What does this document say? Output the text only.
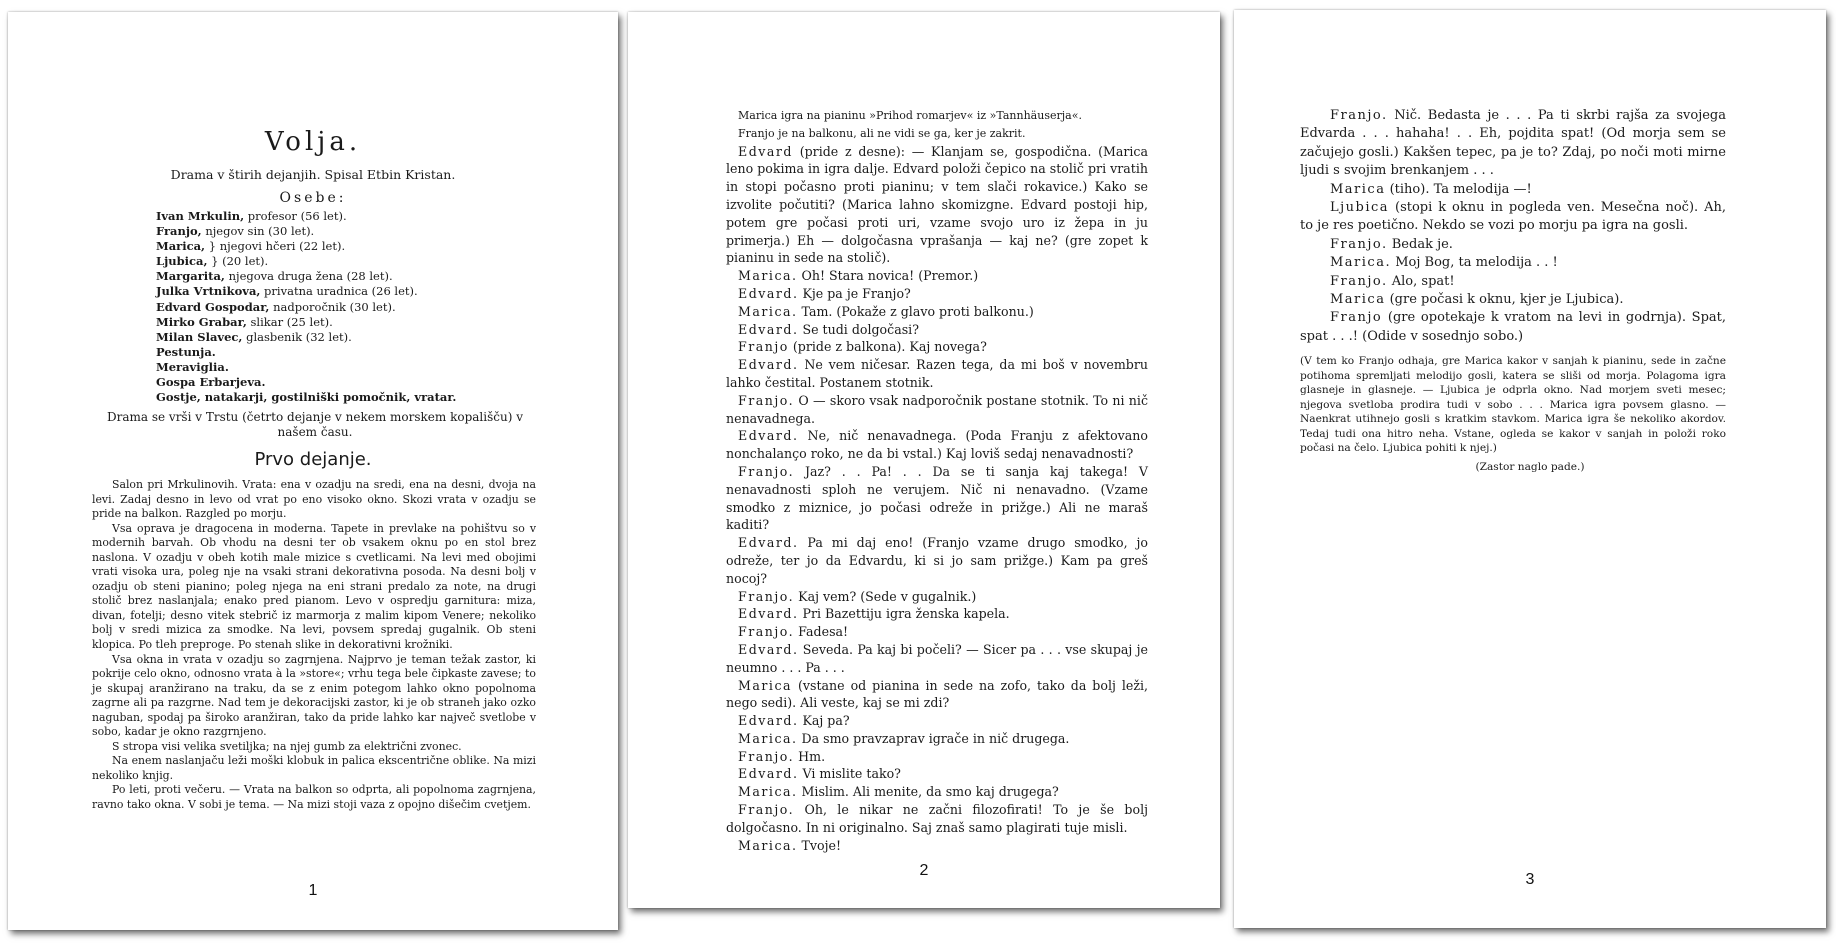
Volja.
Drama v štirih dejanjih. Spisal Etbin Kristan.
Osebe:
Ivan Mrkulin, profesor (56 let).
Franjo, njegov sin (30 let).
Marica, } njegovi hčeri (22 let).
Ljubica, } (20 let).
Margarita, njegova druga žena (28 let).
Julka Vrtnikova, privatna uradnica (26 let).
Edvard Gospodar, nadporočnik (30 let).
Mirko Grabar, slikar (25 let).
Milan Slavec, glasbenik (32 let).
Pestunja.
Meraviglia.
Gospa Erbarjeva.
Gostje, natakarji, gostilniški pomočnik, vratar.
Drama se vrši v Trstu (četrto dejanje v nekem morskem kopališču) v našem času.
Prvo dejanje.

Salon pri Mrkulinovih. Vrata: ena v ozadju na sredi, ena na desni, dvoja na levi. Zadaj desno in levo od vrat po eno visoko okno. Skozi vrata v ozadju se pride na balkon. Razgled po morju.

Vsa oprava je dragocena in moderna. Tapete in prevlake na pohištvu so v modernih barvah. Ob vhodu na desni ter ob vsakem oknu po en stol brez naslona. V ozadju v obeh kotih male mizice s cvetlicami. Na levi med obojimi vrati visoka ura, poleg nje na vsaki strani dekorativna posoda. Na desni bolj v ozadju ob steni pianino; poleg njega na eni strani predalo za note, na drugi stolič brez naslanjala; enako pred pianom. Levo v ospredju garnitura: miza, divan, fotelji; desno vitek stebrič iz marmorja z malim kipom Venere; nekoliko bolj v sredi mizica za smodke. Na levi, povsem spredaj gugalnik. Ob steni klopica. Po tleh preproge. Po stenah slike in dekorativni krožniki.

Vsa okna in vrata v ozadju so zagrnjena. Najprvo je teman težak zastor, ki pokrije celo okno, odnosno vrata à la »store«; vrhu tega bele čipkaste zavese; to je skupaj aranžirano na traku, da se z enim potegom lahko okno popolnoma zagrne ali pa razgrne. Nad tem je dekoracijski zastor, ki je ob straneh jako ozko naguban, spodaj pa široko aranžiran, tako da pride lahko kar največ svetlobe v sobo, kadar je okno razgrnjeno.

S stropa visi velika svetiljka; na njej gumb za električni zvonec.

Na enem naslanjaču leži moški klobuk in palica ekscentrične oblike. Na mizi nekoliko knjig.

Po leti, proti večeru. — Vrata na balkon so odprta, ali popolnoma zagrnjena, ravno tako okna. V sobi je tema. — Na mizi stoji vaza z opojno dišečim cvetjem.

1

Marica igra na pianinu »Prihod romarjev« iz »Tannhäuserja«.

Franjo je na balkonu, ali ne vidi se ga, ker je zakrit.

Edvard (pride z desne): — Klanjam se, gospodična. (Marica leno pokima in igra dalje. Edvard položi čepico na stolič pri vratih in stopi počasno proti pianinu; v tem slači rokavice.) Kako se izvolite počutiti? (Marica lahno skomizgne. Edvard postoji hip, potem gre počasi proti uri, vzame svojo uro iz žepa in ju primerja.) Eh — dolgočasna vprašanja — kaj ne? (gre zopet k pianinu in sede na stolič).

Marica. Oh! Stara novica! (Premor.)

Edvard. Kje pa je Franjo?

Marica. Tam. (Pokaže z glavo proti balkonu.)

Edvard. Se tudi dolgočasi?

Franjo (pride z balkona). Kaj novega?

Edvard. Ne vem ničesar. Razen tega, da mi boš v novembru lahko čestital. Postanem stotnik.

Franjo. O — skoro vsak nadporočnik postane stotnik. To ni nič nenavadnega.

Edvard. Ne, nič nenavadnega. (Poda Franju z afektovano nonchalanço roko, ne da bi vstal.) Kaj loviš sedaj nenavadnosti?

Franjo. Jaz? . . Pa! . . Da se ti sanja kaj takega! V nenavadnosti sploh ne verujem. Nič ni nenavadno. (Vzame smodko z miznice, jo počasi odreže in prižge.) Ali ne maraš kaditi?

Edvard. Pa mi daj eno! (Franjo vzame drugo smodko, jo odreže, ter jo da Edvardu, ki si jo sam prižge.) Kam pa greš nocoj?

Franjo. Kaj vem? (Sede v gugalnik.)

Edvard. Pri Bazettiju igra ženska kapela.

Franjo. Fadesa!

Edvard. Seveda. Pa kaj bi počeli? — Sicer pa . . . vse skupaj je neumno . . . Pa . . .

Marica (vstane od pianina in sede na zofo, tako da bolj leži, nego sedi). Ali veste, kaj se mi zdi?

Edvard. Kaj pa?

Marica. Da smo pravzaprav igrače in nič drugega.

Franjo. Hm.

Edvard. Vi mislite tako?

Marica. Mislim. Ali menite, da smo kaj drugega?

Franjo. Oh, le nikar ne začni filozofirati! To je še bolj dolgočasno. In ni originalno. Saj znaš samo plagirati tuje misli.

Marica. Tvoje!

2

Franjo. Nič. Bedasta je . . . Pa ti skrbi rajša za svojega Edvarda . . . hahaha! . . Eh, pojdita spat! (Od morja sem se začujejo gosli.) Kakšen tepec, pa je to? Zdaj, po noči moti mirne ljudi s svojim brenkanjem . . .

Marica (tiho). Ta melodija —!

Ljubica (stopi k oknu in pogleda ven. Mesečna noč). Ah, to je res poetično. Nekdo se vozi po morju pa igra na gosli.

Franjo. Bedak je.

Marica. Moj Bog, ta melodija . . !

Franjo. Alo, spat!

Marica (gre počasi k oknu, kjer je Ljubica).

Franjo (gre opotekaje k vratom na levi in godrnja). Spat, spat . . .! (Odide v sosednjo sobo.)

(V tem ko Franjo odhaja, gre Marica kakor v sanjah k pianinu, sede in začne potihoma spremljati melodijo gosli, katera se sliši od morja. Polagoma igra glasneje in glasneje. — Ljubica je odprla okno. Nad morjem sveti mesec; njegova svetloba prodira tudi v sobo . . . Marica igra povsem glasno. — Naenkrat utihnejo gosli s kratkim stavkom. Marica igra še nekoliko akordov. Tedaj tudi ona hitro neha. Vstane, ogleda se kakor v sanjah in položi roko počasi na čelo. Ljubica pohiti k njej.)
(Zastor naglo pade.)
3
